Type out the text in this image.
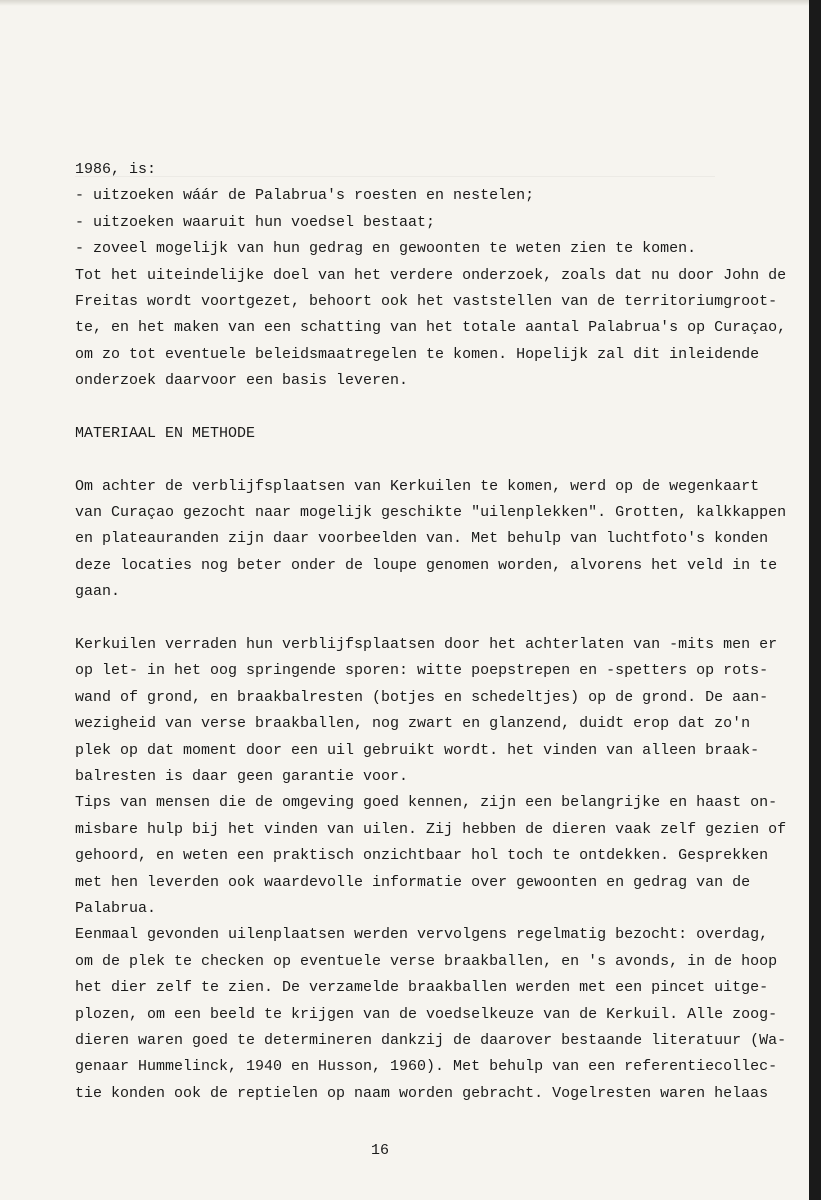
1986, is:
- uitzoeken wáár de Palabrua's roesten en nestelen;
- uitzoeken waaruit hun voedsel bestaat;
- zoveel mogelijk van hun gedrag en gewoonten te weten zien te komen.
Tot het uiteindelijke doel van het verdere onderzoek, zoals dat nu door John de
Freitas wordt voortgezet, behoort ook het vaststellen van de territoriumgroot-
te, en het maken van een schatting van het totale aantal Palabrua's op Curaçao,
om zo tot eventuele beleidsmaatregelen te komen. Hopelijk zal dit inleidende
onderzoek daarvoor een basis leveren.
MATERIAAL EN METHODE
Om achter de verblijfsplaatsen van Kerkuilen te komen, werd op de wegenkaart
van Curaçao gezocht naar mogelijk geschikte "uilenplekken". Grotten, kalkkappen
en plateauranden zijn daar voorbeelden van. Met behulp van luchtfoto's konden
deze locaties nog beter onder de loupe genomen worden, alvorens het veld in te
gaan.
Kerkuilen verraden hun verblijfsplaatsen door het achterlaten van -mits men er
op let- in het oog springende sporen: witte poepstrepen en -spetters op rots-
wand of grond, en braakbalresten (botjes en schedeltjes) op de grond. De aan-
wezigheid van verse braakballen, nog zwart en glanzend, duidt erop dat zo'n
plek op dat moment door een uil gebruikt wordt. het vinden van alleen braak-
balresten is daar geen garantie voor.
Tips van mensen die de omgeving goed kennen, zijn een belangrijke en haast on-
misbare hulp bij het vinden van uilen. Zij hebben de dieren vaak zelf gezien of
gehoord, en weten een praktisch onzichtbaar hol toch te ontdekken. Gesprekken
met hen leverden ook waardevolle informatie over gewoonten en gedrag van de
Palabrua.
Eenmaal gevonden uilenplaatsen werden vervolgens regelmatig bezocht: overdag,
om de plek te checken op eventuele verse braakballen, en 's avonds, in de hoop
het dier zelf te zien. De verzamelde braakballen werden met een pincet uitge-
plozen, om een beeld te krijgen van de voedselkeuze van de Kerkuil. Alle zoog-
dieren waren goed te determineren dankzij de daarover bestaande literatuur (Wa-
genaar Hummelinck, 1940 en Husson, 1960). Met behulp van een referentiecollec-
tie konden ook de reptielen op naam worden gebracht. Vogelresten waren helaas
16
